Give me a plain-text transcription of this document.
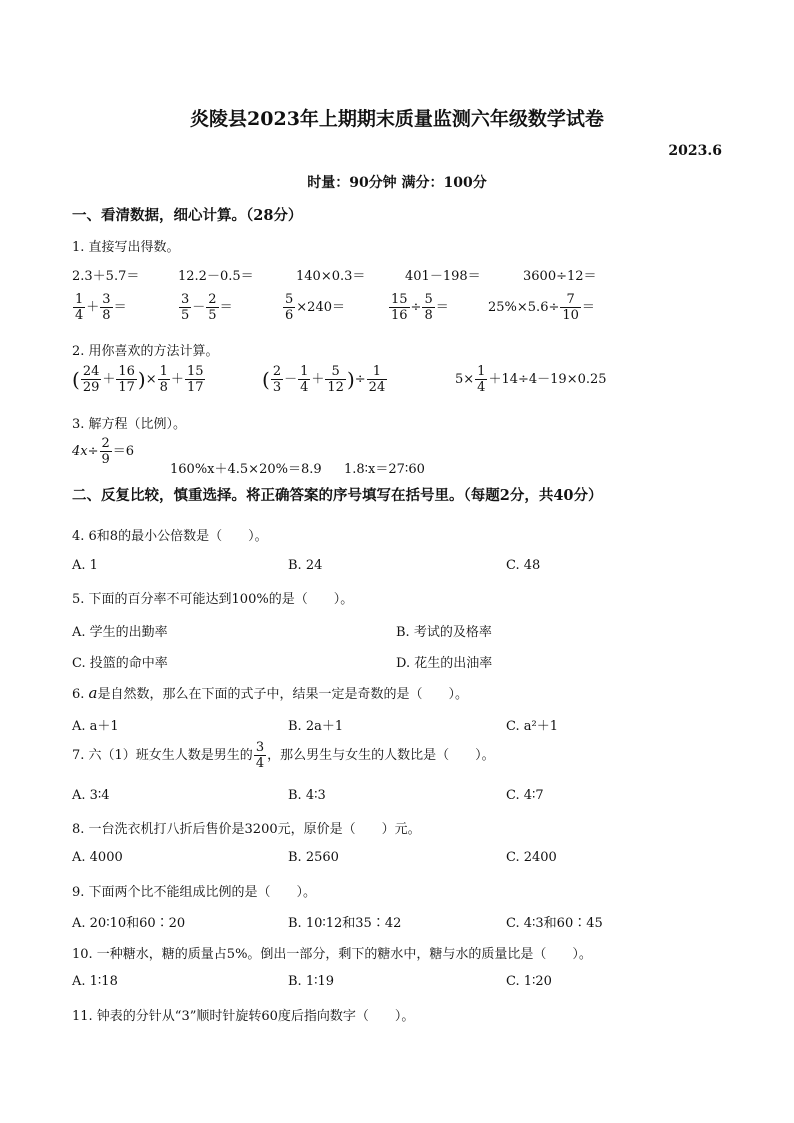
炎陵县2023年上期期末质量监测六年级数学试卷
2023.6
时量：90分钟 满分：100分
一、看清数据，细心计算。（28分）
1. 直接写出得数。
2.3＋5.7＝	12.2－0.5＝	140×0.3＝	401－198＝	3600÷12＝
$\frac{1}{4} + \frac{3}{8}$ ＝	$\frac{3}{5} - \frac{2}{5}$ ＝	$\frac{5}{6} \times 240=$	$\frac{15}{16} \div \frac{5}{8}$ ＝	$25\%\times 5.6\div \frac{7}{10}$ ＝
2. 用你喜欢的方法计算。
( $\frac{24}{29} + \frac{16}{17}$ )× $\frac{1}{8} + \frac{15}{17}$	( $\frac{2}{3} - \frac{1}{4} + \frac{5}{12}$ )÷ $\frac{1}{24}$	$5\times \frac{1}{4} +14\div 4-19\times 0.25$
3. 解方程（比例）。
$4x\div \frac{2}{9} =6$
160%x＋4.5×20%＝8.9 1.8∶x＝27∶60
二、反复比较，慎重选择。将正确答案的序号填写在括号里。（每题2分，共40分）
4. 6和8的最小公倍数是（　　）。
A. 1	B. 24	C. 48
5. 下面的百分率不可能达到100%的是（　　）。
A. 学生的出勤率	B. 考试的及格率
C. 投篮的命中率	D. 花生的出油率
6. a是自然数，那么在下面的式子中，结果一定是奇数的是（　　）。
A. a＋1	B. 2a＋1	C. a²＋1
7. 六（1）班女生人数是男生的 $\frac{3}{4}$ ，那么男生与女生的人数比是（　　）。
A. 3∶4	B. 4∶3	C. 4∶7
8. 一台洗衣机打八折后售价是3200元，原价是（　　）元。
A. 4000	B. 2560	C. 2400
9. 下面两个比不能组成比例的是（　　）。
A. 20∶10和60∶20	B. 10∶12和35∶42	C. 4∶3和60∶45
10. 一种糖水，糖的质量占5%。倒出一部分，剩下的糖水中，糖与水的质量比是（　　）。
A. 1∶18	B. 1∶19	C. 1∶20
11. 钟表的分针从“3”顺时针旋转60度后指向数字（　　）。
